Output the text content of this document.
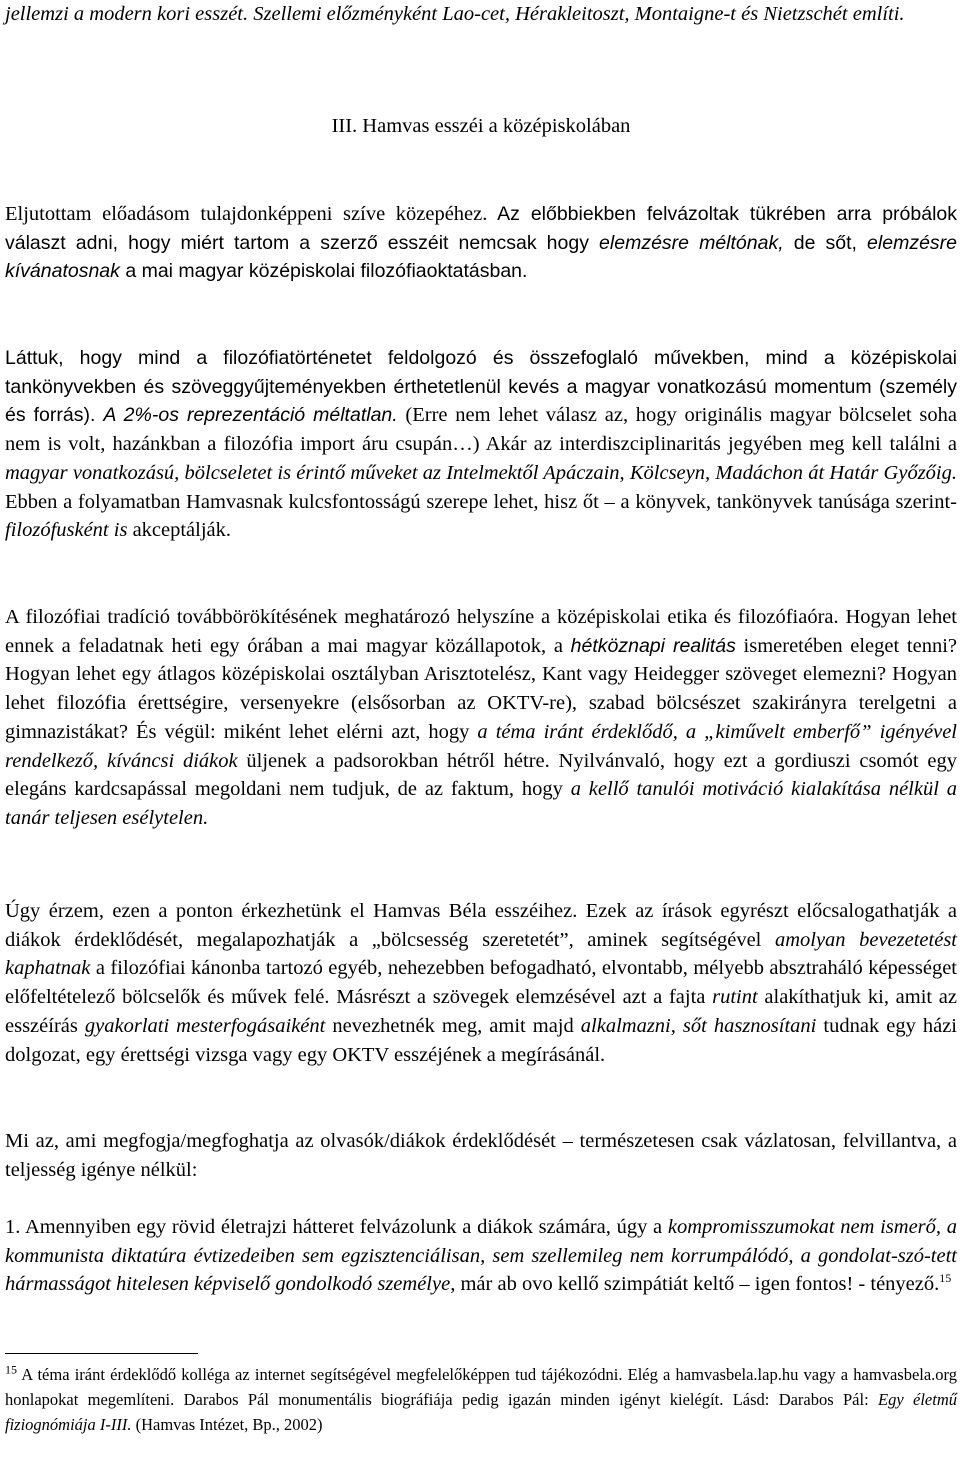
jellemzi a modern kori esszét. Szellemi előzményként Lao-cet, Hérakleitoszt, Montaigne-t és Nietzschét említi.

III. Hamvas esszéi a középiskolában

Eljutottam előadásom tulajdonképpeni szíve közepéhez. Az előbbiekben felvázoltak tükrében arra próbálok választ adni, hogy miért tartom a szerző esszéit nemcsak hogy elemzésre méltónak, de sőt, elemzésre kívánatosnak a mai magyar középiskolai filozófiaoktatásban.

Láttuk, hogy mind a filozófiatörténetet feldolgozó és összefoglaló művekben, mind a középiskolai tankönyvekben és szöveggyűjteményekben érthetetlenül kevés a magyar vonatkozású momentum (személy és forrás). A 2%-os reprezentáció méltatlan. (Erre nem lehet válasz az, hogy originális magyar bölcselet soha nem is volt, hazánkban a filozófia import áru csupán…) Akár az interdiszciplinaritás jegyében meg kell találni a magyar vonatkozású, bölcseletet is érintő műveket az Intelmektől Apáczain, Kölcseyn, Madáchon át Határ Győzőig. Ebben a folyamatban Hamvasnak kulcsfontosságú szerepe lehet, hisz őt – a könyvek, tankönyvek tanúsága szerint- filozófusként is akceptálják.

A filozófiai tradíció továbbörökítésének meghatározó helyszíne a középiskolai etika és filozófiaóra. Hogyan lehet ennek a feladatnak heti egy órában a mai magyar közállapotok, a hétköznapi realitás ismeretében eleget tenni? Hogyan lehet egy átlagos középiskolai osztályban Arisztotelész, Kant vagy Heidegger szöveget elemezni? Hogyan lehet filozófia érettségire, versenyekre (elsősorban az OKTV-re), szabad bölcsészet szakirányra terelgetni a gimnazistákat? És végül: miként lehet elérni azt, hogy a téma iránt érdeklődő, a „kiművelt emberfő” igényével rendelkező, kíváncsi diákok üljenek a padsorokban hétről hétre. Nyilvánvaló, hogy ezt a gordiuszi csomót egy elegáns kardcsapással megoldani nem tudjuk, de az faktum, hogy a kellő tanulói motiváció kialakítása nélkül a tanár teljesen esélytelen.

Úgy érzem, ezen a ponton érkezhetünk el Hamvas Béla esszéihez. Ezek az írások egyrészt előcsalogathatják a diákok érdeklődését, megalapozhatják a „bölcsesség szeretetét”, aminek segítségével amolyan bevezetetést kaphatnak a filozófiai kánonba tartozó egyéb, nehezebben befogadható, elvontabb, mélyebb absztraháló képességet előfeltételező bölcselők és művek felé. Másrészt a szövegek elemzésével azt a fajta rutint alakíthatjuk ki, amit az esszéírás gyakorlati mesterfogásaiként nevezhetnék meg, amit majd alkalmazni, sőt hasznosítani tudnak egy házi dolgozat, egy érettségi vizsga vagy egy OKTV esszéjének a megírásánál.

Mi az, ami megfogja/megfoghatja az olvasók/diákok érdeklődését – természetesen csak vázlatosan, felvillantva, a teljesség igénye nélkül:

1. Amennyiben egy rövid életrajzi hátteret felvázolunk a diákok számára, úgy a kompromisszumokat nem ismerő, a kommunista diktatúra évtizedeiben sem egzisztenciálisan, sem szellemileg nem korrumpálódó, a gondolat-szó-tett hármasságot hitelesen képviselő gondolkodó személye, már ab ovo kellő szimpátiát keltő – igen fontos! - tényező.$^{15}$

$^{15}$ A téma iránt érdeklődő kolléga az internet segítségével megfelelőképpen tud tájékozódni. Elég a hamvasbela.lap.hu vagy a hamvasbela.org honlapokat megemlíteni. Darabos Pál monumentális biográfiája pedig igazán minden igényt kielégít. Lásd: Darabos Pál: Egy életmű fiziognómiája I-III. (Hamvas Intézet, Bp., 2002)
